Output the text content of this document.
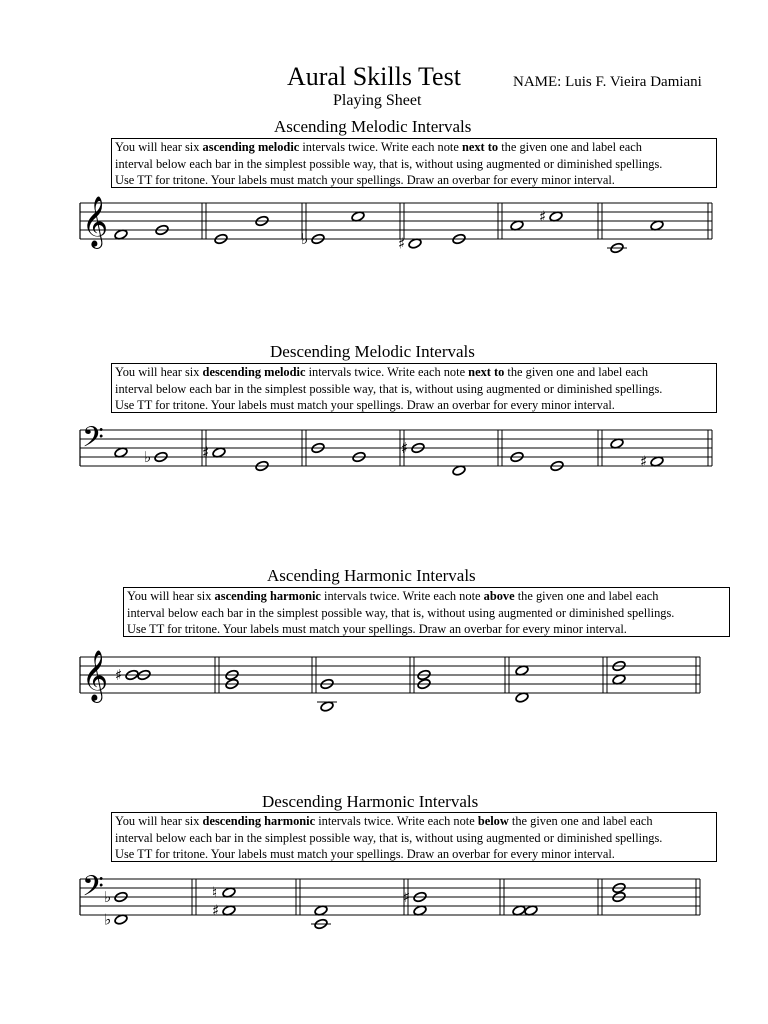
Aural Skills Test	NAME: Luis F. Vieira Damiani
Playing Sheet
Ascending Melodic Intervals

You will hear six ascending melodic intervals twice. Write each note next to the given one and label each

interval below each bar in the simplest possible way, that is, without using augmented or diminished spellings.

Use TT for tritone. Your labels must match your spellings. Draw an overbar for every minor interval.

𝄞	♭	♯
♯
Descending Melodic Intervals

You will hear six descending melodic intervals twice. Write each note next to the given one and label each

interval below each bar in the simplest possible way, that is, without using augmented or diminished spellings.

Use TT for tritone. Your labels must match your spellings. Draw an overbar for every minor interval.

𝄢	♭	♯	♯
♯
Ascending Harmonic Intervals

You will hear six ascending harmonic intervals twice. Write each note above the given one and label each

interval below each bar in the simplest possible way, that is, without using augmented or diminished spellings.

Use TT for tritone. Your labels must match your spellings. Draw an overbar for every minor interval.

𝄞 ♯
Descending Harmonic Intervals

You will hear six descending harmonic intervals twice. Write each note below the given one and label each

interval below each bar in the simplest possible way, that is, without using augmented or diminished spellings.

Use TT for tritone. Your labels must match your spellings. Draw an overbar for every minor interval.

𝄢
♭
♭
♯
♮	♯
